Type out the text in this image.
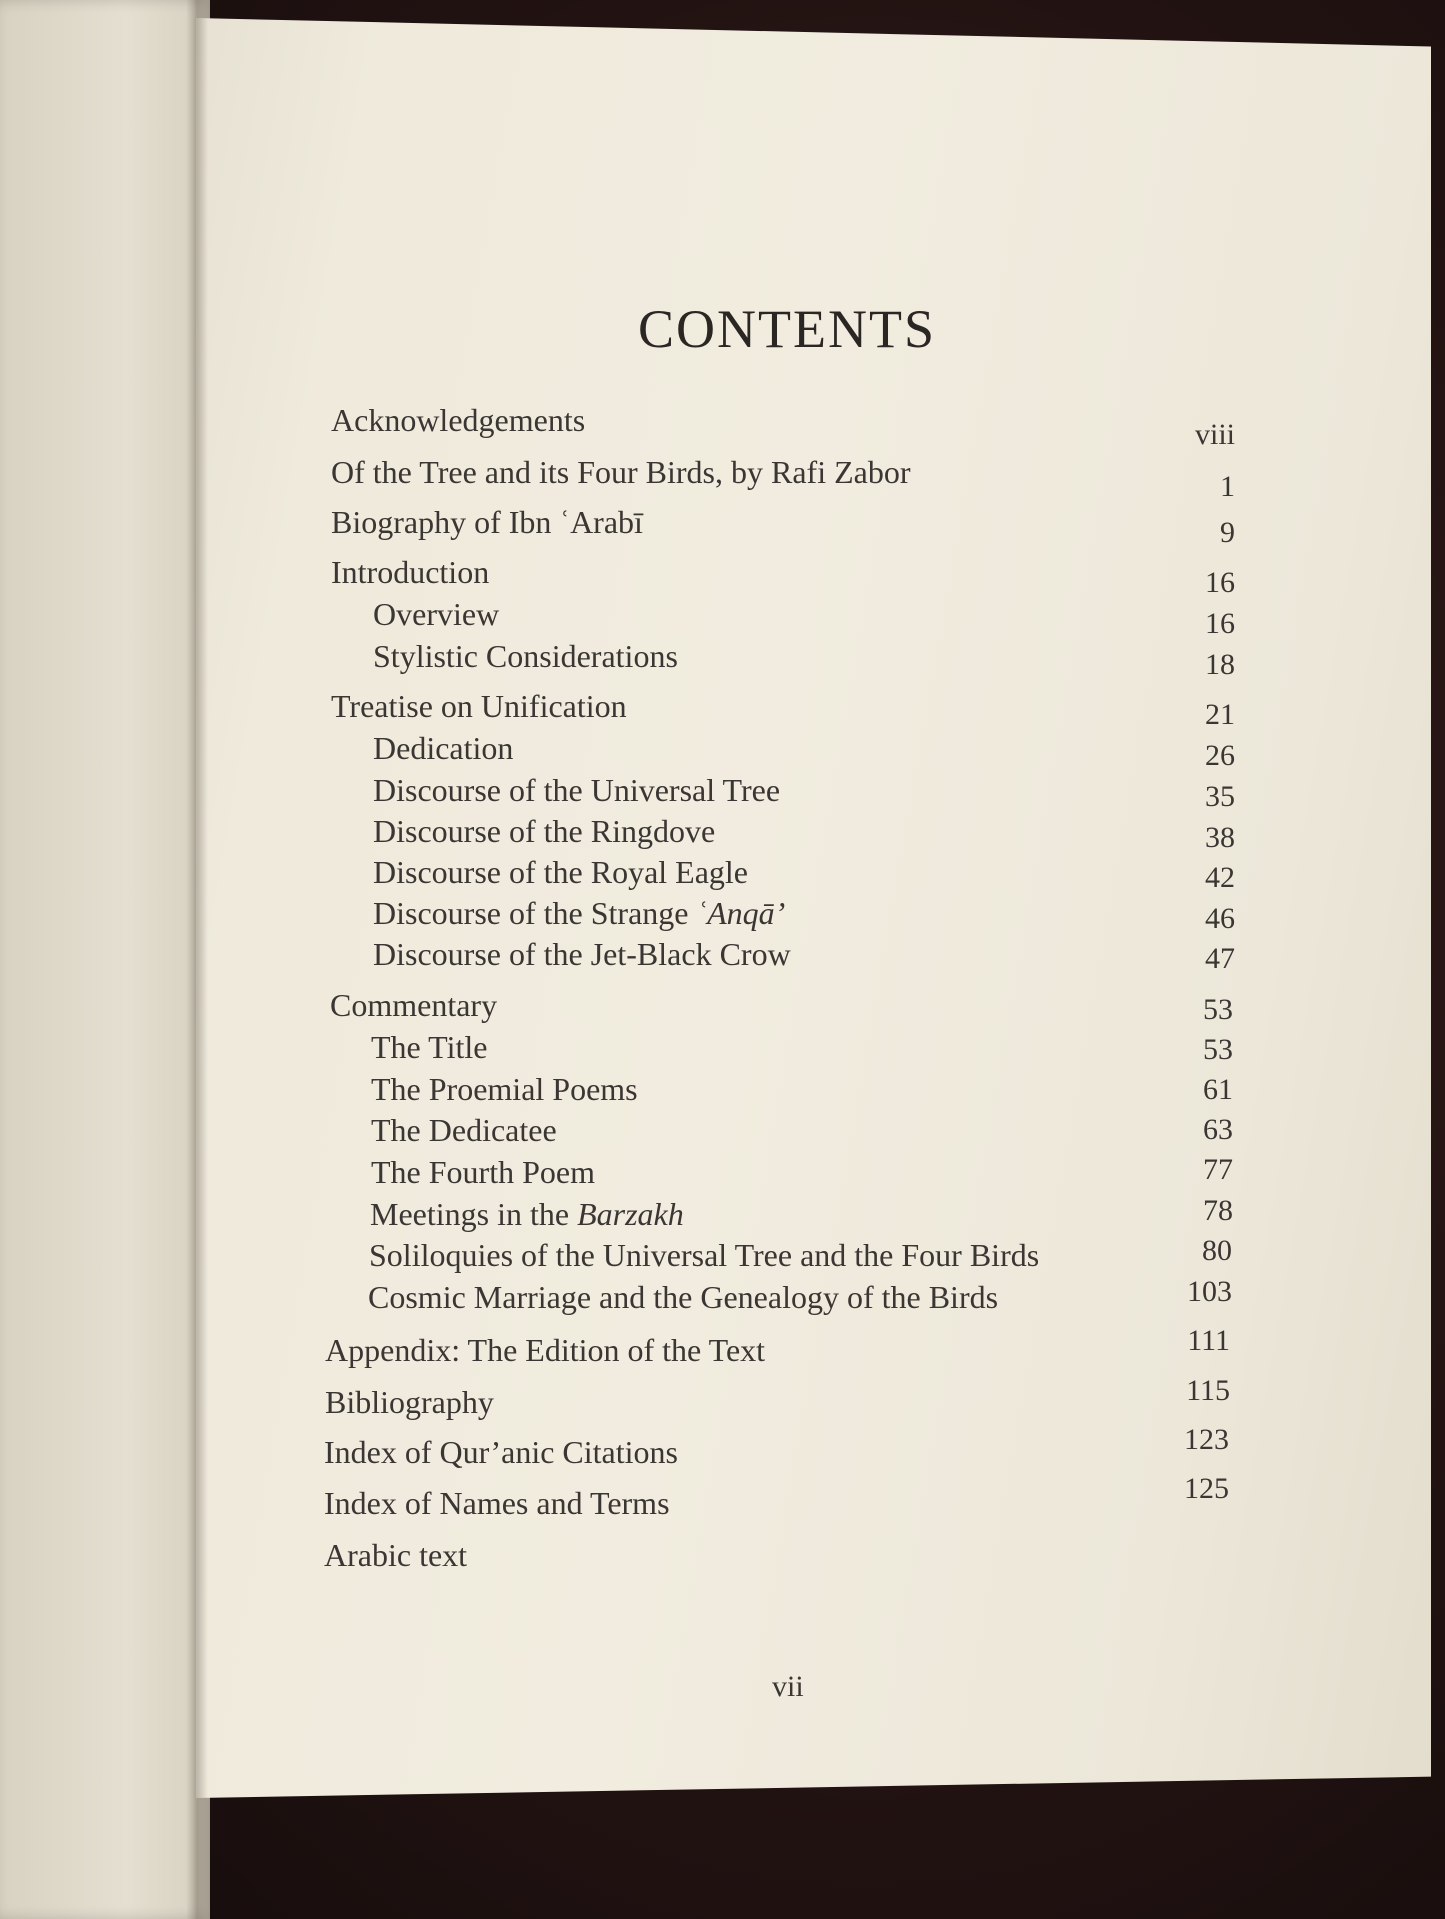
CONTENTS
Acknowledgements	viii
Of the Tree and its Four Birds, by Rafi Zabor	1
Biography of Ibn ʿArabī	9
Introduction	16
Overview	16
Stylistic Considerations	18
Treatise on Unification	21
Dedication	26
Discourse of the Universal Tree	35
Discourse of the Ringdove	38
Discourse of the Royal Eagle	42
Discourse of the Strange ʿAnqā’	46
Discourse of the Jet-Black Crow	47
Commentary	53
The Title	53
The Proemial Poems	61
The Dedicatee	63
The Fourth Poem	77
Meetings in the Barzakh	78
Soliloquies of the Universal Tree and the Four Birds	80
Cosmic Marriage and the Genealogy of the Birds	103
Appendix: The Edition of the Text	111
Bibliography	115
Index of Qur’anic Citations	123
Index of Names and Terms	125
Arabic text
vii
